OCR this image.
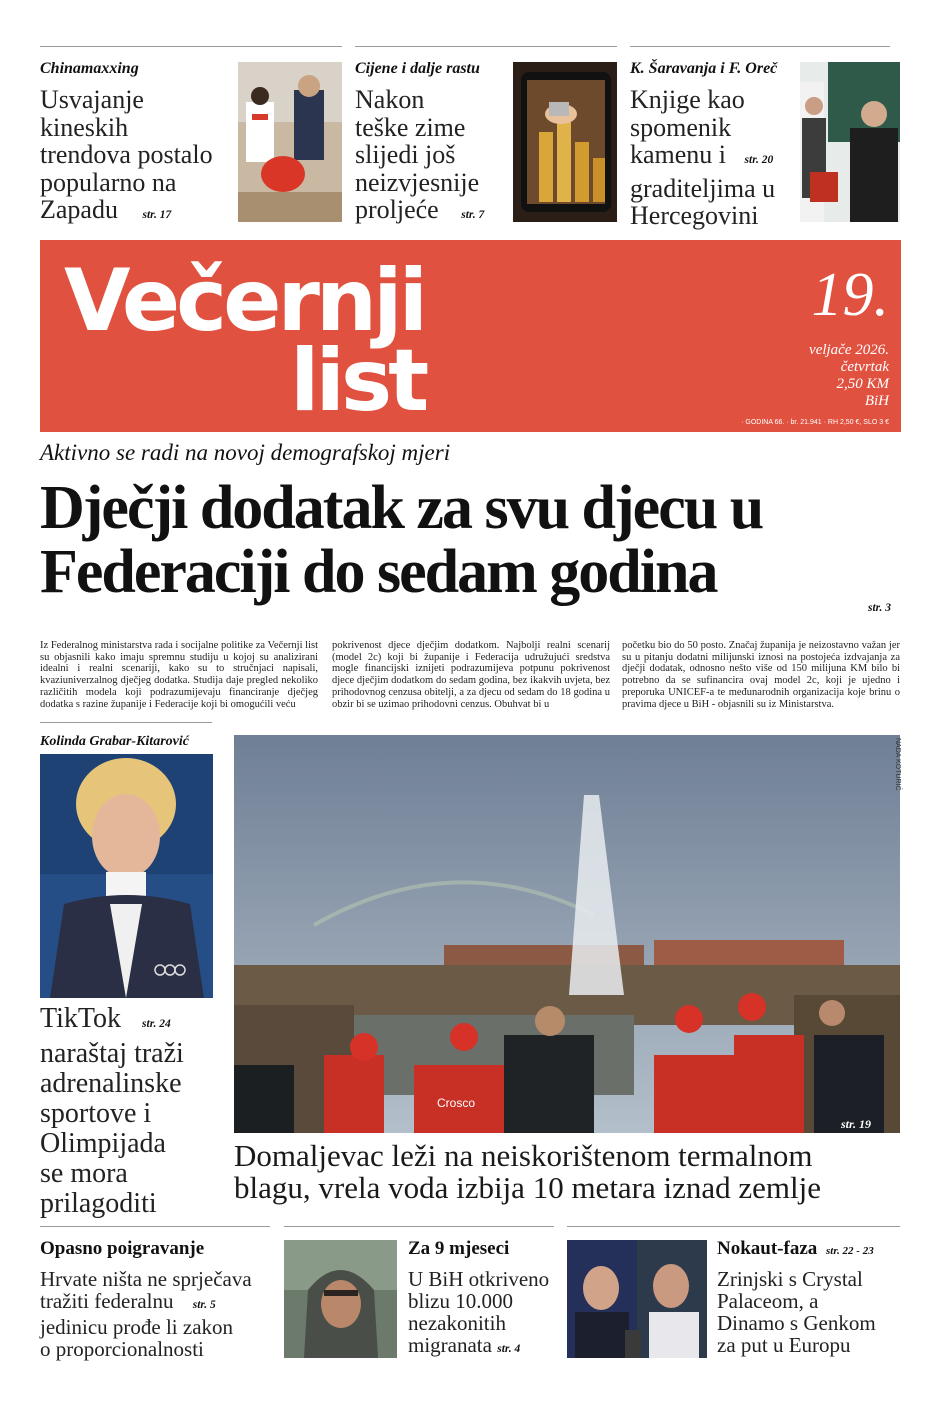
Chinamaxxing
Usvajanje
kineskih
trendova postalo
popularno na
Zapadu str. 17
Cijene i dalje rastu
Nakon
teške zime
slijedi još
neizvjesnije
proljeće str. 7
K. Šaravanja i F. Oreč
Knjige kao
spomenik
kamenu i str. 20
graditeljima u
Hercegovini
Večernji
list
19.
veljače 2026.
četvrtak
2,50 KM
BiH
· GODINA 66. · br. 21.941 · RH 2,50 €, SLO 3 €
Aktivno se radi na novoj demografskoj mjeri
Dječji dodatak za svu djecu u
Federaciji do sedam godina
str. 3
Iz Federalnog ministarstva rada i socijalne politike za Večernji list su objasnili kako imaju spremnu studiju u kojoj su analizirani idealni i realni scenariji, kako su to stručnjaci napisali, kvaziuniverzalnog dječjeg dodatka. Studija daje pregled nekoliko različitih modela koji podrazumijevaju financiranje dječjeg dodatka s razine županije i Federacije koji bi omogućili veću
pokrivenost djece dječjim dodatkom. Najbolji realni scenarij (model 2c) koji bi županije i Federacija udružujući sredstva mogle financijski iznijeti podrazumijeva potpunu pokrivenost djece dječjim dodatkom do sedam godina, bez ikakvih uvjeta, bez prihodovnog cenzusa obitelji, a za djecu od sedam do 18 godina u obzir bi se uzimao prihodovni cenzus. Obuhvat bi u
početku bio do 50 posto. Značaj županija je neizostavno važan jer su u pitanju dodatni milijunski iznosi na postojeća izdvajanja za dječji dodatak, odnosno nešto više od 150 milijuna KM bilo bi potrebno da se sufinancira ovaj model 2c, koji je ujedno i preporuka UNICEF-a te međunarodnih organizacija koje brinu o pravima djece u BiH - objasnili su iz Ministarstva.
Kolinda Grabar-Kitarović
TikTok str. 24
naraštaj traži
adrenalinske
sportove i
Olimpijada
se mora
prilagoditi
Crosco
NADA KOTURIĆ
str. 19
Domaljevac leži na neiskorištenom termalnom
blagu, vrela voda izbija 10 metara iznad zemlje
Opasno poigravanje
Hrvate ništa ne sprječava
tražiti federalnu str. 5
jedinicu prođe li zakon
o proporcionalnosti
Za 9 mjeseci
U BiH otkriveno
blizu 10.000
nezakonitih
migranata str. 4
Nokaut-faza str. 22 - 23
Zrinjski s Crystal
Palaceom, a
Dinamo s Genkom
za put u Europu
